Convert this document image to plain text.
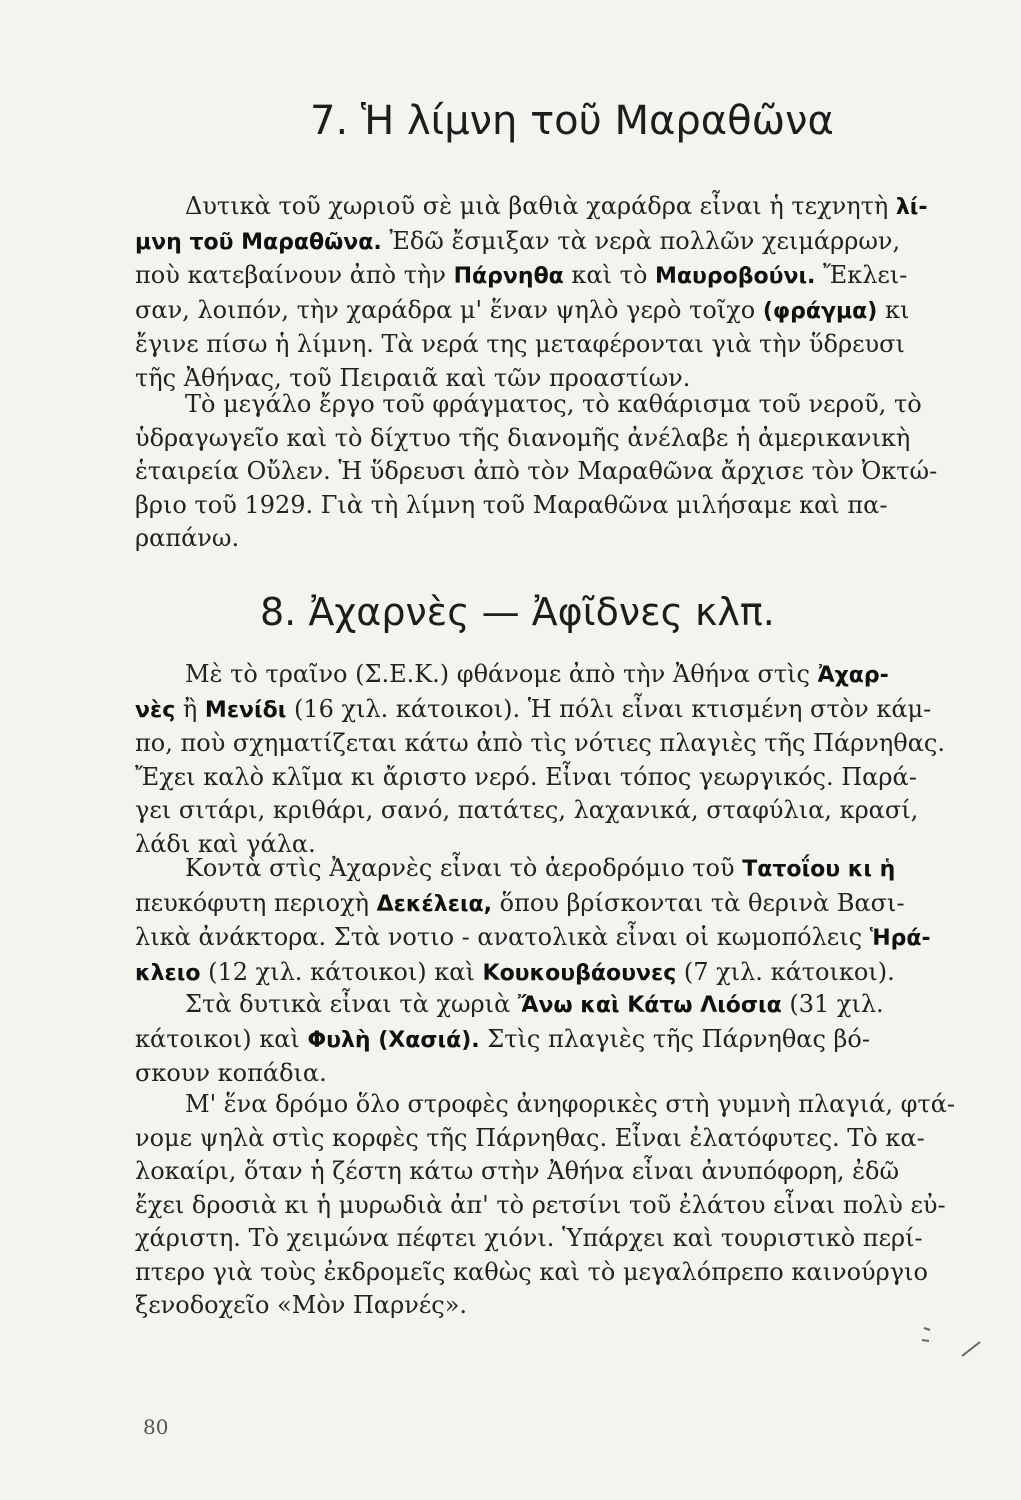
7. Ἡ λίμνη τοῦ Μαραθῶνα
Δυτικὰ τοῦ χωριοῦ σὲ μιὰ βαθιὰ χαράδρα εἶναι ἡ τεχνητὴ λί-
μνη τοῦ Μαραθῶνα. Ἐδῶ ἔσμιξαν τὰ νερὰ πολλῶν χειμάρρων,
ποὺ κατεβαίνουν ἀπὸ τὴν Πάρνηθα καὶ τὸ Μαυροβούνι. Ἔκλει-
σαν, λοιπόν, τὴν χαράδρα μ' ἕναν ψηλὸ γερὸ τοῖχο (φράγμα) κι
ἔγινε πίσω ἡ λίμνη. Τὰ νερά της μεταφέρονται γιὰ τὴν ὕδρευσι
τῆς Ἀθήνας, τοῦ Πειραιᾶ καὶ τῶν προαστίων.
Τὸ μεγάλο ἔργο τοῦ φράγματος, τὸ καθάρισμα τοῦ νεροῦ, τὸ
ὑδραγωγεῖο καὶ τὸ δίχτυο τῆς διανομῆς ἀνέλαβε ἡ ἀμερικανικὴ
ἑταιρεία Οὔλεν. Ἡ ὕδρευσι ἀπὸ τὸν Μαραθῶνα ἄρχισε τὸν Ὀκτώ-
βριο τοῦ 1929. Γιὰ τὴ λίμνη τοῦ Μαραθῶνα μιλήσαμε καὶ πα-
ραπάνω.
8. Ἀχαρνὲς — Ἀφῖδνες κλπ.
Μὲ τὸ τραῖνο (Σ.Ε.Κ.) φθάνομε ἀπὸ τὴν Ἀθήνα στὶς Ἀχαρ-
νὲς ἢ Μενίδι (16 χιλ. κάτοικοι). Ἡ πόλι εἶναι κτισμένη στὸν κάμ-
πο, ποὺ σχηματίζεται κάτω ἀπὸ τὶς νότιες πλαγιὲς τῆς Πάρνηθας.
Ἔχει καλὸ κλῖμα κι ἄριστο νερό. Εἶναι τόπος γεωργικός. Παρά-
γει σιτάρι, κριθάρι, σανό, πατάτες, λαχανικά, σταφύλια, κρασί,
λάδι καὶ γάλα.
Κοντὰ στὶς Ἀχαρνὲς εἶναι τὸ ἀεροδρόμιο τοῦ Τατοΐου κι ἡ
πευκόφυτη περιοχὴ Δεκέλεια, ὅπου βρίσκονται τὰ θερινὰ Βασι-
λικὰ ἀνάκτορα. Στὰ νοτιο - ανατολικὰ εἶναι οἱ κωμοπόλεις Ἡρά-
κλειο (12 χιλ. κάτοικοι) καὶ Κουκουβάουνες (7 χιλ. κάτοικοι).
Στὰ δυτικὰ εἶναι τὰ χωριὰ Ἄνω καὶ Κάτω Λιόσια (31 χιλ.
κάτοικοι) καὶ Φυλὴ (Χασιά). Στὶς πλαγιὲς τῆς Πάρνηθας βό-
σκουν κοπάδια.
Μ' ἕνα δρόμο ὅλο στροφὲς ἀνηφορικὲς στὴ γυμνὴ πλαγιά, φτά-
νομε ψηλὰ στὶς κορφὲς τῆς Πάρνηθας. Εἶναι ἐλατόφυτες. Τὸ κα-
λοκαίρι, ὅταν ἡ ζέστη κάτω στὴν Ἀθήνα εἶναι ἀνυπόφορη, ἐδῶ
ἔχει δροσιὰ κι ἡ μυρωδιὰ ἀπ' τὸ ρετσίνι τοῦ ἐλάτου εἶναι πολὺ εὐ-
χάριστη. Τὸ χειμώνα πέφτει χιόνι. Ὑπάρχει καὶ τουριστικὸ περί-
πτερο γιὰ τοὺς ἐκδρομεῖς καθὼς καὶ τὸ μεγαλόπρεπο καινούργιο
ξενοδοχεῖο «Μὸν Παρνές».
80
